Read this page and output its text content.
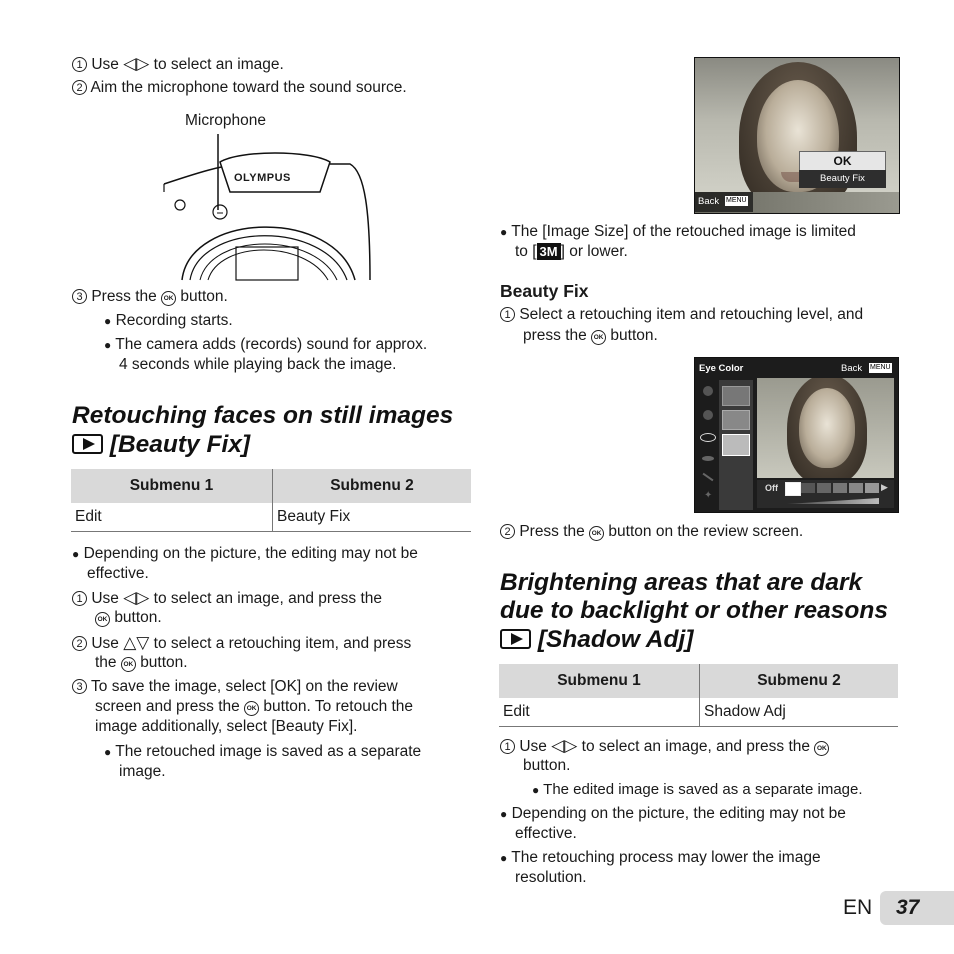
1 Use ◁▷ to select an image.
2 Aim the microphone toward the sound source.
Microphone
OLYMPUS
3 Press the OK button.
● Recording starts.
● The camera adds (records) sound for approx.
4 seconds while playing back the image.
Retouching faces on still images
[Beauty Fix]
Submenu 1	Submenu 2
Edit	Beauty Fix
● Depending on the picture, the editing may not be
effective.
1 Use ◁▷ to select an image, and press the
OK button.
2 Use △▽ to select a retouching item, and press
the OK button.
3 To save the image, select [OK] on the review
screen and press the OK button. To retouch the
image additionally, select [Beauty Fix].
● The retouched image is saved as a separate
image.
OK
Beauty Fix
Back MENU
● The [Image Size] of the retouched image is limited
to [ 3M ] or lower.
Beauty Fix
1 Select a retouching item and retouching level, and
press the OK button.
Eye Color	Back MENU
✦
Off	▶
2 Press the OK button on the review screen.
Brightening areas that are dark
due to backlight or other reasons
[Shadow Adj]
Submenu 1	Submenu 2
Edit	Shadow Adj
1 Use ◁▷ to select an image, and press the OK
button.
● The edited image is saved as a separate image.
● Depending on the picture, the editing may not be
effective.
● The retouching process may lower the image
resolution.
EN 37
